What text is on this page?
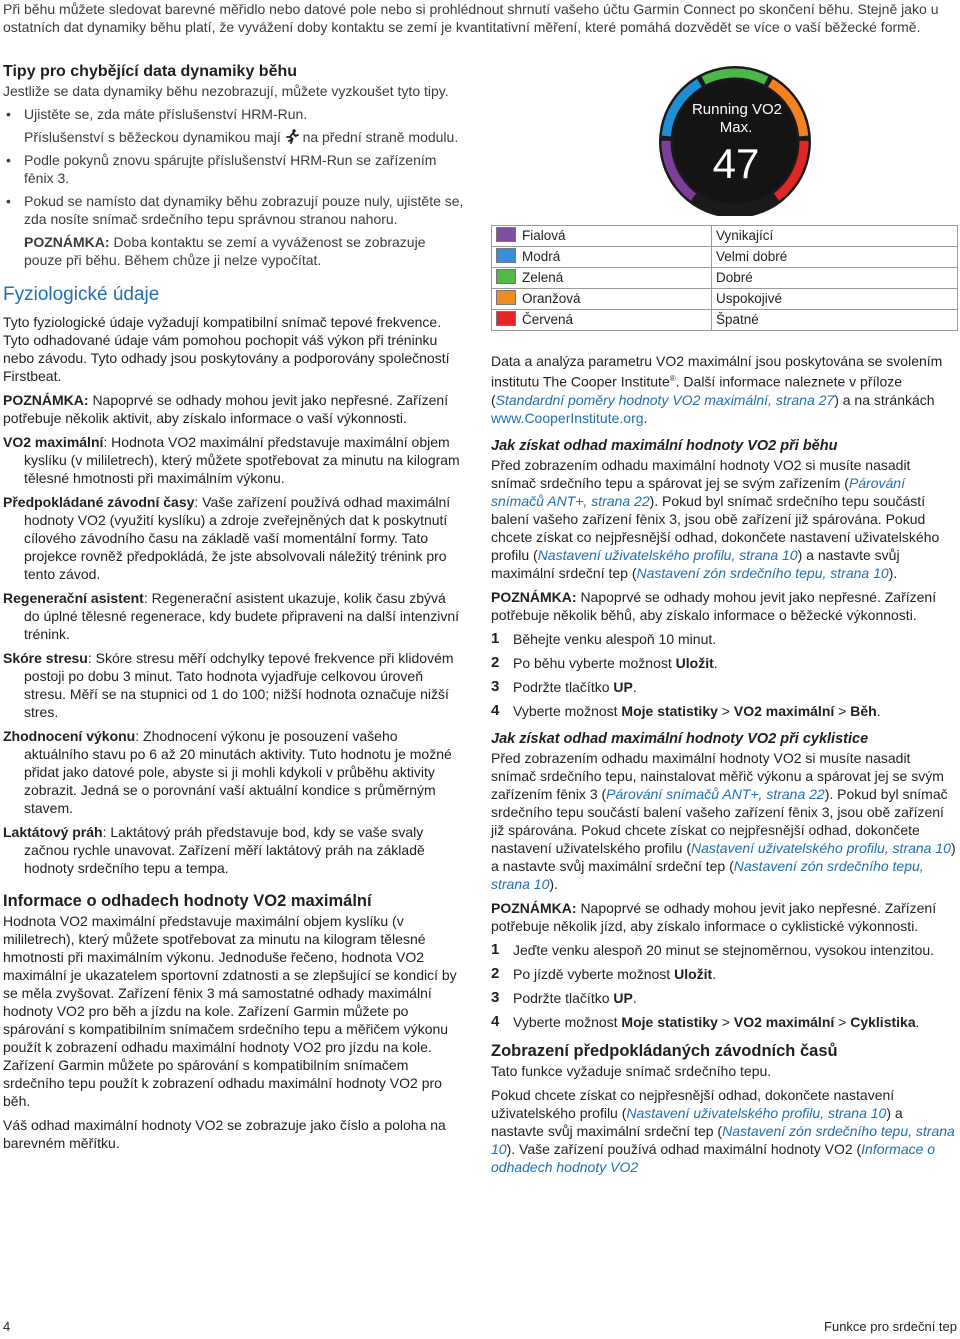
Při běhu můžete sledovat barevné měřidlo nebo datové pole nebo si prohlédnout shrnutí vašeho účtu Garmin Connect po skončení běhu. Stejně jako u ostatních dat dynamiky běhu platí, že vyvážení doby kontaktu se zemí je kvantitativní měření, které pomáhá dozvědět se více o vaší běžecké formě.

Tipy pro chybějící data dynamiky běhu

Jestliže se data dynamiky běhu nezobrazují, můžete vyzkoušet tyto tipy.

• Ujistěte se, zda máte příslušenství HRM-Run.

Příslušenství s běžeckou dynamikou mají na přední straně modulu.

• Podle pokynů znovu spárujte příslušenství HRM-Run se zařízením fēnix 3.

• Pokud se namísto dat dynamiky běhu zobrazují pouze nuly, ujistěte se, zda nosíte snímač srdečního tepu správnou stranou nahoru.

POZNÁMKA: Doba kontaktu se zemí a vyváženost se zobrazuje pouze při běhu. Během chůze ji nelze vypočítat.

Fyziologické údaje

Tyto fyziologické údaje vyžadují kompatibilní snímač tepové frekvence. Tyto odhadované údaje vám pomohou pochopit váš výkon při tréninku nebo závodu. Tyto odhady jsou poskytovány a podporovány společností Firstbeat.

POZNÁMKA: Napoprvé se odhady mohou jevit jako nepřesné. Zařízení potřebuje několik aktivit, aby získalo informace o vaší výkonnosti.

VO2 maximální: Hodnota VO2 maximální představuje maximální objem kyslíku (v mililetrech), který můžete spotřebovat za minutu na kilogram tělesné hmotnosti při maximálním výkonu.

Předpokládané závodní časy: Vaše zařízení používá odhad maximální hodnoty VO2 (využití kyslíku) a zdroje zveřejněných dat k poskytnutí cílového závodního času na základě vaší momentální formy. Tato projekce rovněž předpokládá, že jste absolvovali náležitý trénink pro tento závod.

Regenerační asistent: Regenerační asistent ukazuje, kolik času zbývá do úplné tělesné regenerace, kdy budete připraveni na další intenzivní trénink.

Skóre stresu: Skóre stresu měří odchylky tepové frekvence při klidovém postoji po dobu 3 minut. Tato hodnota vyjadřuje celkovou úroveň stresu. Měří se na stupnici od 1 do 100; nižší hodnota označuje nižší stres.

Zhodnocení výkonu: Zhodnocení výkonu je posouzení vašeho aktuálního stavu po 6 až 20 minutách aktivity. Tuto hodnotu je možné přidat jako datové pole, abyste si ji mohli kdykoli v průběhu aktivity zobrazit. Jedná se o porovnání vaší aktuální kondice s průměrným stavem.

Laktátový práh: Laktátový práh představuje bod, kdy se vaše svaly začnou rychle unavovat. Zařízení měří laktátový práh na základě hodnoty srdečního tepu a tempa.

Informace o odhadech hodnoty VO2 maximální

Hodnota VO2 maximální představuje maximální objem kyslíku (v mililetrech), který můžete spotřebovat za minutu na kilogram tělesné hmotnosti při maximálním výkonu. Jednoduše řečeno, hodnota VO2 maximální je ukazatelem sportovní zdatnosti a se zlepšující se kondicí by se měla zvyšovat. Zařízení fēnix 3 má samostatné odhady maximální hodnoty VO2 pro běh a jízdu na kole. Zařízení Garmin můžete po spárování s kompatibilním snímačem srdečního tepu a měřičem výkonu použít k zobrazení odhadu maximální hodnoty VO2 pro jízdu na kole. Zařízení Garmin můžete po spárování s kompatibilním snímačem srdečního tepu použít k zobrazení odhadu maximální hodnoty VO2 pro běh.

Váš odhad maximální hodnoty VO2 se zobrazuje jako číslo a poloha na barevném měřítku.

Running VO2
Max.
47
Fialová	Vynikající
Modrá	Velmi dobré
Zelená	Dobré
Oranžová	Uspokojivé
Červená	Špatné

Data a analýza parametru VO2 maximální jsou poskytována se svolením institutu The Cooper Institute®. Další informace naleznete v příloze (Standardní poměry hodnoty VO2 maximální, strana 27) a na stránkách www.CooperInstitute.org.

Jak získat odhad maximální hodnoty VO2 při běhu

Před zobrazením odhadu maximální hodnoty VO2 si musíte nasadit snímač srdečního tepu a spárovat jej se svým zařízením (Párování snímačů ANT+, strana 22). Pokud byl snímač srdečního tepu součástí balení vašeho zařízení fēnix 3, jsou obě zařízení již spárována. Pokud chcete získat co nejpřesnější odhad, dokončete nastavení uživatelského profilu (Nastavení uživatelského profilu, strana 10) a nastavte svůj maximální srdeční tep (Nastavení zón srdečního tepu, strana 10).

POZNÁMKA: Napoprvé se odhady mohou jevit jako nepřesné. Zařízení potřebuje několik běhů, aby získalo informace o běžecké výkonnosti.

1 Běhejte venku alespoň 10 minut.

2 Po běhu vyberte možnost Uložit.

3 Podržte tlačítko UP.

4 Vyberte možnost Moje statistiky > VO2 maximální > Běh.

Jak získat odhad maximální hodnoty VO2 při cyklistice

Před zobrazením odhadu maximální hodnoty VO2 si musíte nasadit snímač srdečního tepu, nainstalovat měřič výkonu a spárovat jej se svým zařízením fēnix 3 (Párování snímačů ANT+, strana 22). Pokud byl snímač srdečního tepu součástí balení vašeho zařízení fēnix 3, jsou obě zařízení již spárována. Pokud chcete získat co nejpřesnější odhad, dokončete nastavení uživatelského profilu (Nastavení uživatelského profilu, strana 10) a nastavte svůj maximální srdeční tep (Nastavení zón srdečního tepu, strana 10).

POZNÁMKA: Napoprvé se odhady mohou jevit jako nepřesné. Zařízení potřebuje několik jízd, aby získalo informace o cyklistické výkonnosti.

1 Jeďte venku alespoň 20 minut se stejnoměrnou, vysokou intenzitou.

2 Po jízdě vyberte možnost Uložit.

3 Podržte tlačítko UP.

4 Vyberte možnost Moje statistiky > VO2 maximální > Cyklistika.

Zobrazení předpokládaných závodních časů

Tato funkce vyžaduje snímač srdečního tepu.

Pokud chcete získat co nejpřesnější odhad, dokončete nastavení uživatelského profilu (Nastavení uživatelského profilu, strana 10) a nastavte svůj maximální srdeční tep (Nastavení zón srdečního tepu, strana 10). Vaše zařízení používá odhad maximální hodnoty VO2 (Informace o odhadech hodnoty VO2

4	Funkce pro srdeční tep
